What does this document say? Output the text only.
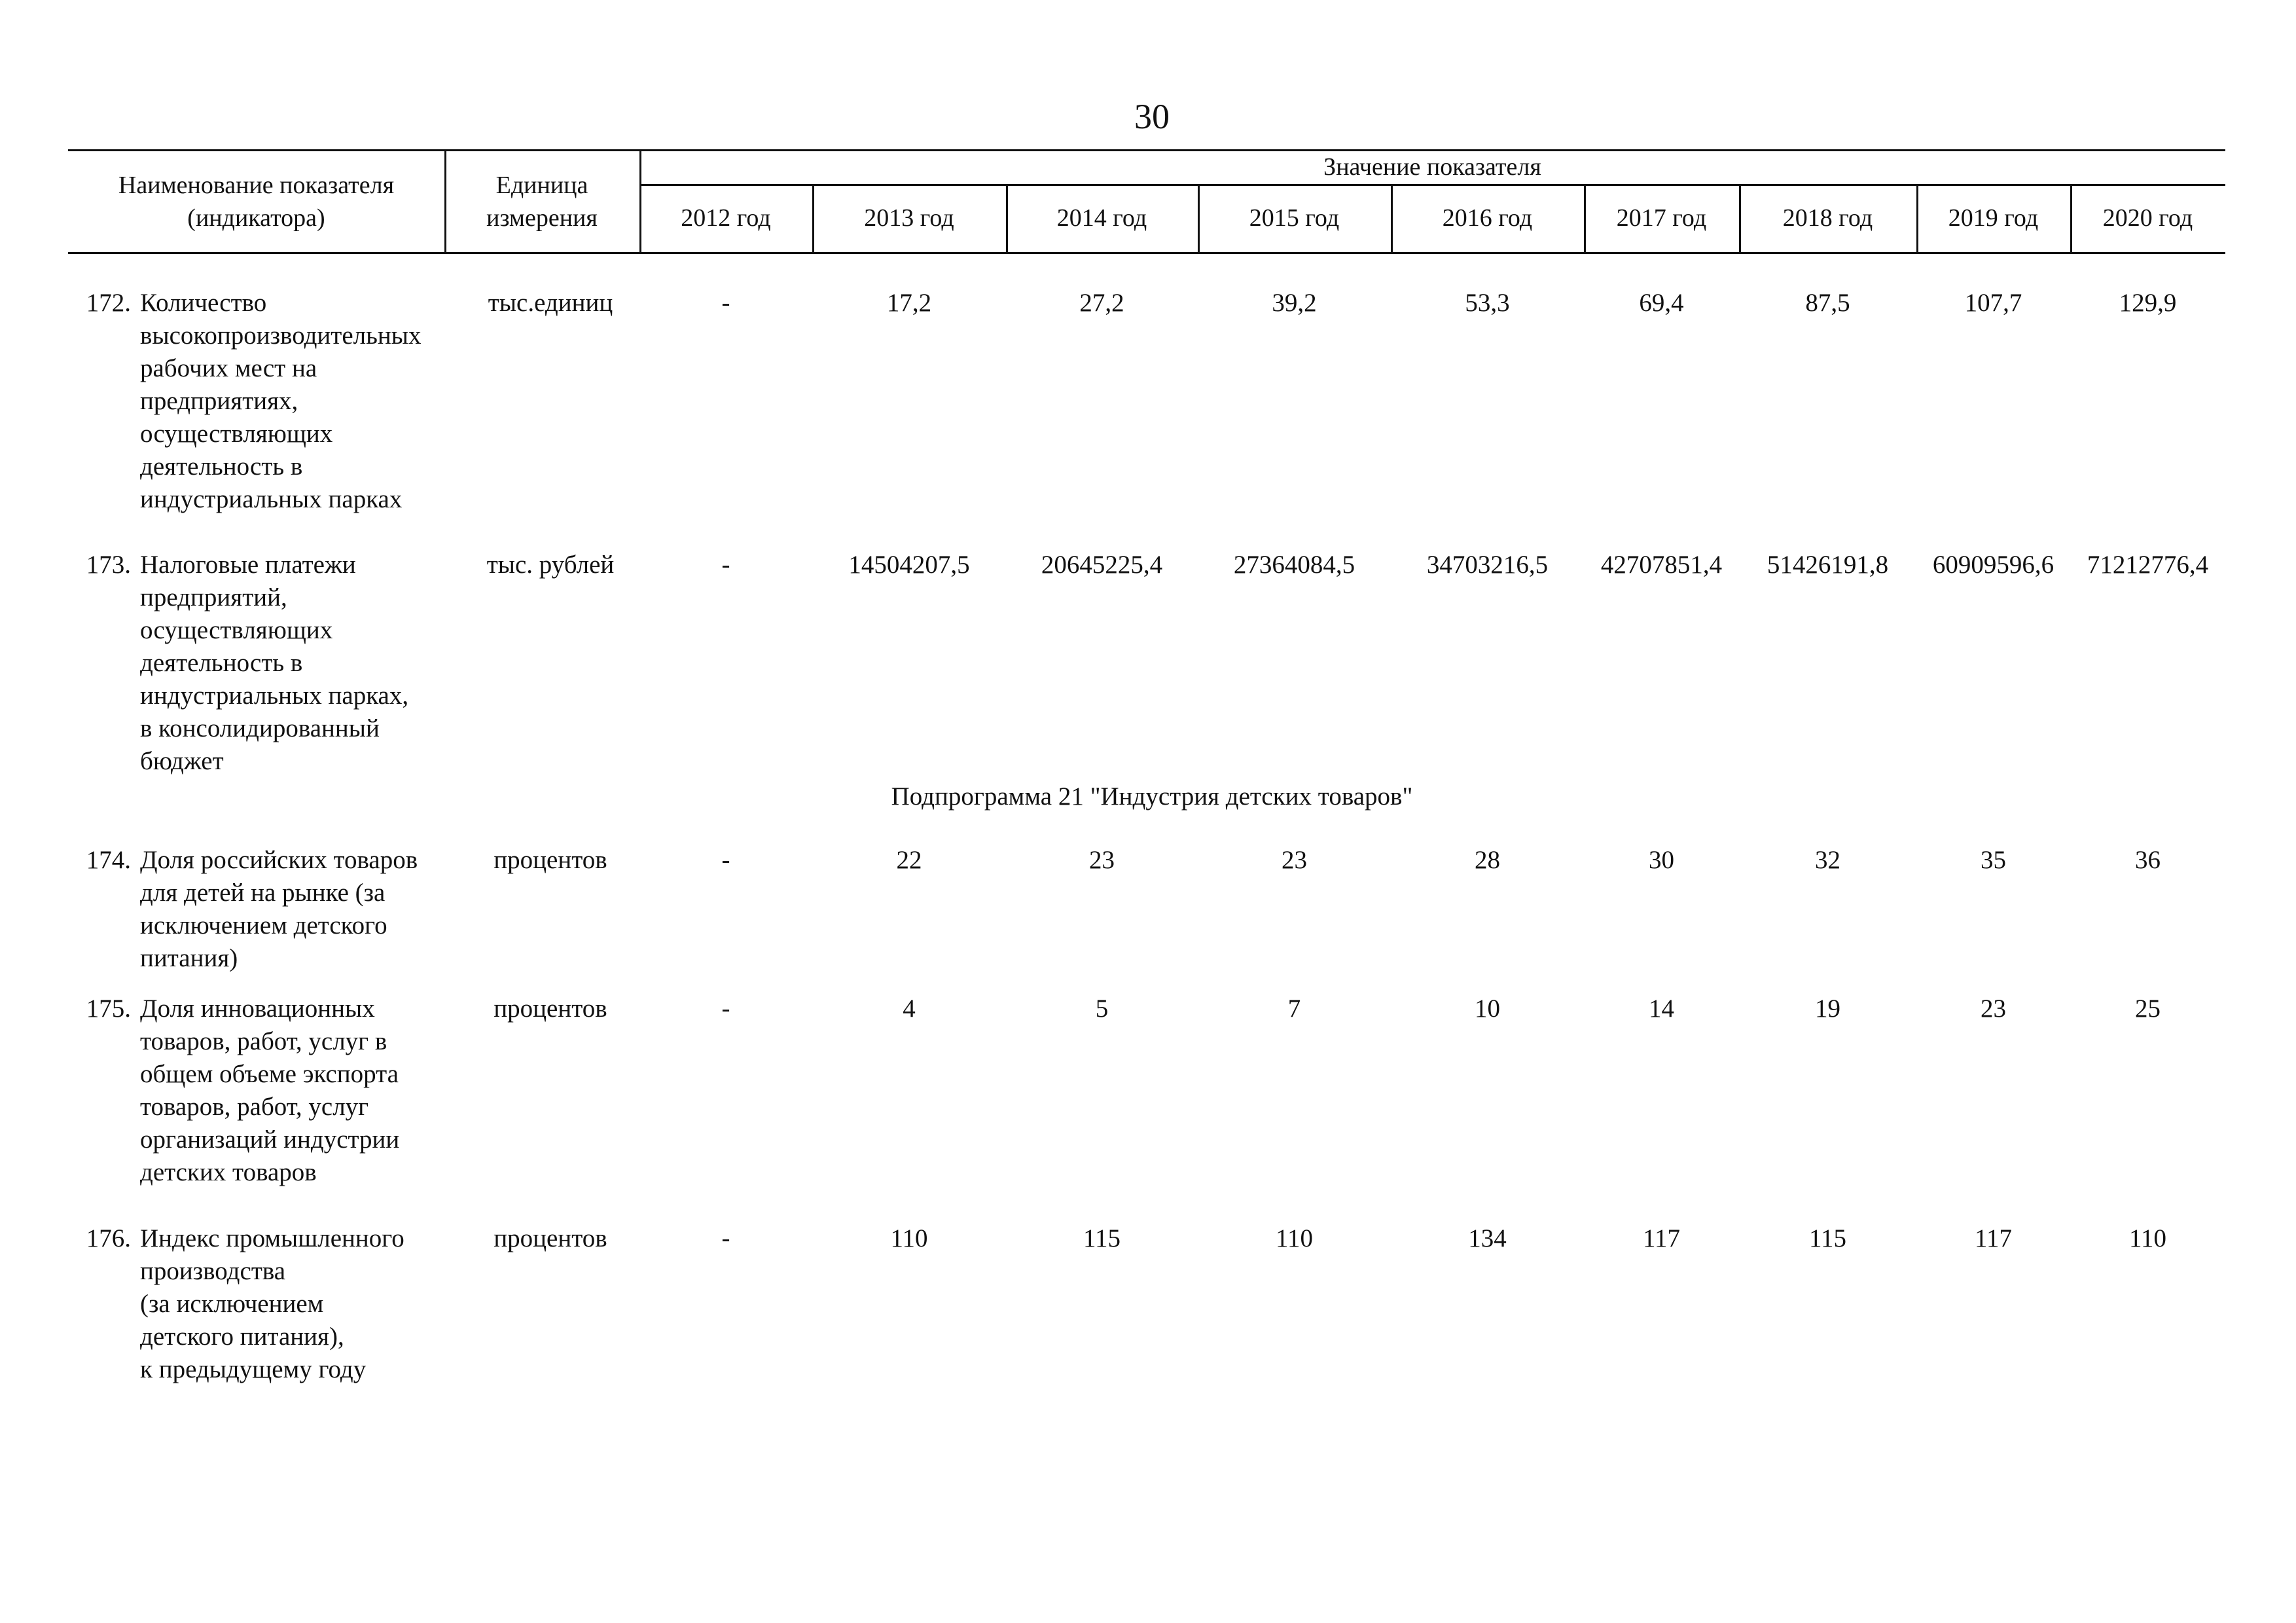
30
Наименование показателя
(индикатора)
Единица
измерения
Значение показателя
2012 год	2013 год	2014 год	2015 год	2016 год	2017 год	2018 год	2019 год	2020 год
172. Количество
высокопроизводительных
рабочих мест на
предприятиях,
осуществляющих
деятельность в
индустриальных парках
тыс.единиц	-	17,2	27,2	39,2	53,3	69,4	87,5	107,7	129,9
173. Налоговые платежи
предприятий,
осуществляющих
деятельность в
индустриальных парках,
в консолидированный
бюджет
тыс. рублей	-	14504207,5	20645225,4	27364084,5	34703216,5	42707851,4	51426191,8	60909596,6	71212776,4
Подпрограмма 21 "Индустрия детских товаров"
174. Доля российских товаров
для детей на рынке (за
исключением детского
питания)
процентов	-	22	23	23	28	30	32	35	36
175. Доля инновационных
товаров, работ, услуг в
общем объеме экспорта
товаров, работ, услуг
организаций индустрии
детских товаров
процентов	-	4	5	7	10	14	19	23	25
176. Индекс промышленного
производства
(за исключением
детского питания),
к предыдущему году
процентов	-	110	115	110	134	117	115	117	110
